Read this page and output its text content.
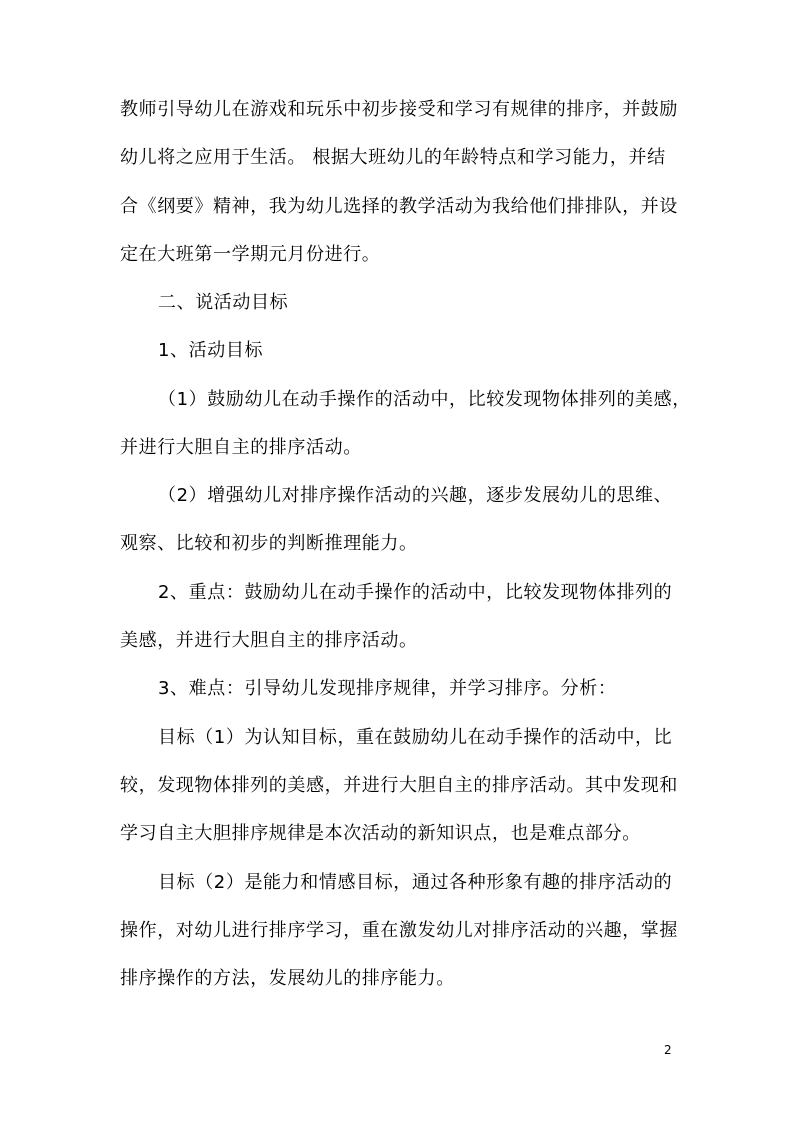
教师引导幼儿在游戏和玩乐中初步接受和学习有规律的排序，并鼓励
幼儿将之应用于生活。 根据大班幼儿的年龄特点和学习能力，并结
合《纲要》精神，我为幼儿选择的教学活动为我给他们排排队，并设
定在大班第一学期元月份进行。
二、说活动目标
1、活动目标
（1）鼓励幼儿在动手操作的活动中，比较发现物体排列的美感，
并进行大胆自主的排序活动。
（2）增强幼儿对排序操作活动的兴趣，逐步发展幼儿的思维、
观察、比较和初步的判断推理能力。
2、重点：鼓励幼儿在动手操作的活动中，比较发现物体排列的
美感，并进行大胆自主的排序活动。
3、难点：引导幼儿发现排序规律，并学习排序。分析：
目标（1）为认知目标，重在鼓励幼儿在动手操作的活动中，比
较，发现物体排列的美感，并进行大胆自主的排序活动。其中发现和
学习自主大胆排序规律是本次活动的新知识点，也是难点部分。
目标（2）是能力和情感目标，通过各种形象有趣的排序活动的
操作，对幼儿进行排序学习，重在激发幼儿对排序活动的兴趣，掌握
排序操作的方法，发展幼儿的排序能力。
2
